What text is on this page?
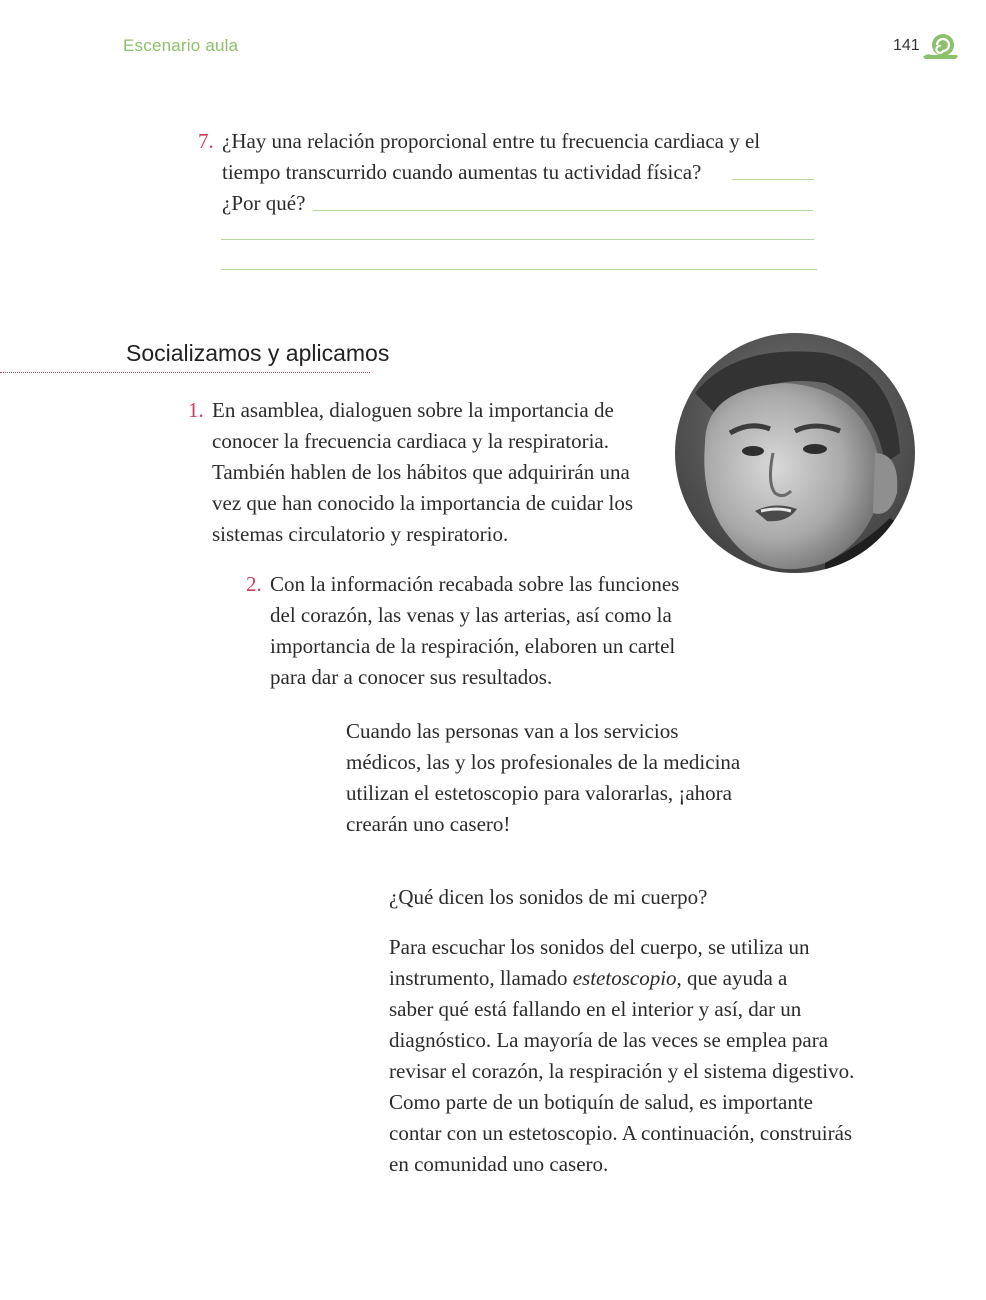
Escenario aula	141
7. ¿Hay una relación proporcional entre tu frecuencia cardiaca y el
tiempo transcurrido cuando aumentas tu actividad física?
¿Por qué?
Socializamos y aplicamos
1. En asamblea, dialoguen sobre la importancia de
conocer la frecuencia cardiaca y la respiratoria.
También hablen de los hábitos que adquirirán una
vez que han conocido la importancia de cuidar los
sistemas circulatorio y respiratorio.
2. Con la información recabada sobre las funciones
del corazón, las venas y las arterias, así como la
importancia de la respiración, elaboren un cartel
para dar a conocer sus resultados.
Cuando las personas van a los servicios
médicos, las y los profesionales de la medicina
utilizan el estetoscopio para valorarlas, ¡ahora
crearán uno casero!
¿Qué dicen los sonidos de mi cuerpo?
Para escuchar los sonidos del cuerpo, se utiliza un
instrumento, llamado estetoscopio, que ayuda a
saber qué está fallando en el interior y así, dar un
diagnóstico. La mayoría de las veces se emplea para
revisar el corazón, la respiración y el sistema digestivo.
Como parte de un botiquín de salud, es importante
contar con un estetoscopio. A continuación, construirás
en comunidad uno casero.
